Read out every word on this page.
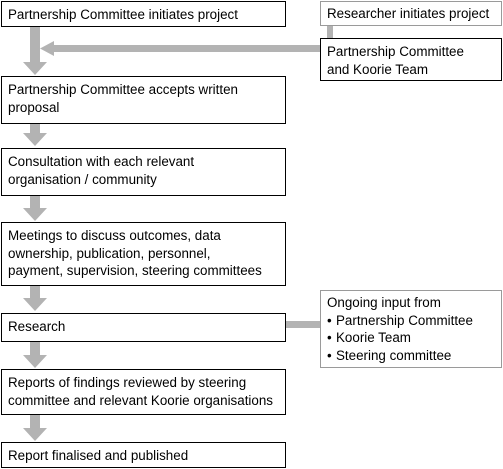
Partnership Committee initiates project	Researcher initiates project
Partnership Committee
and Koorie Team
Partnership Committee accepts written
proposal
Consultation with each relevant
organisation / community
Meetings to discuss outcomes, data
ownership, publication, personnel,
payment, supervision, steering committees
Ongoing input from
• Partnership Committee
• Koorie Team
• Steering committee
Research
Reports of findings reviewed by steering
committee and relevant Koorie organisations
Report finalised and published
